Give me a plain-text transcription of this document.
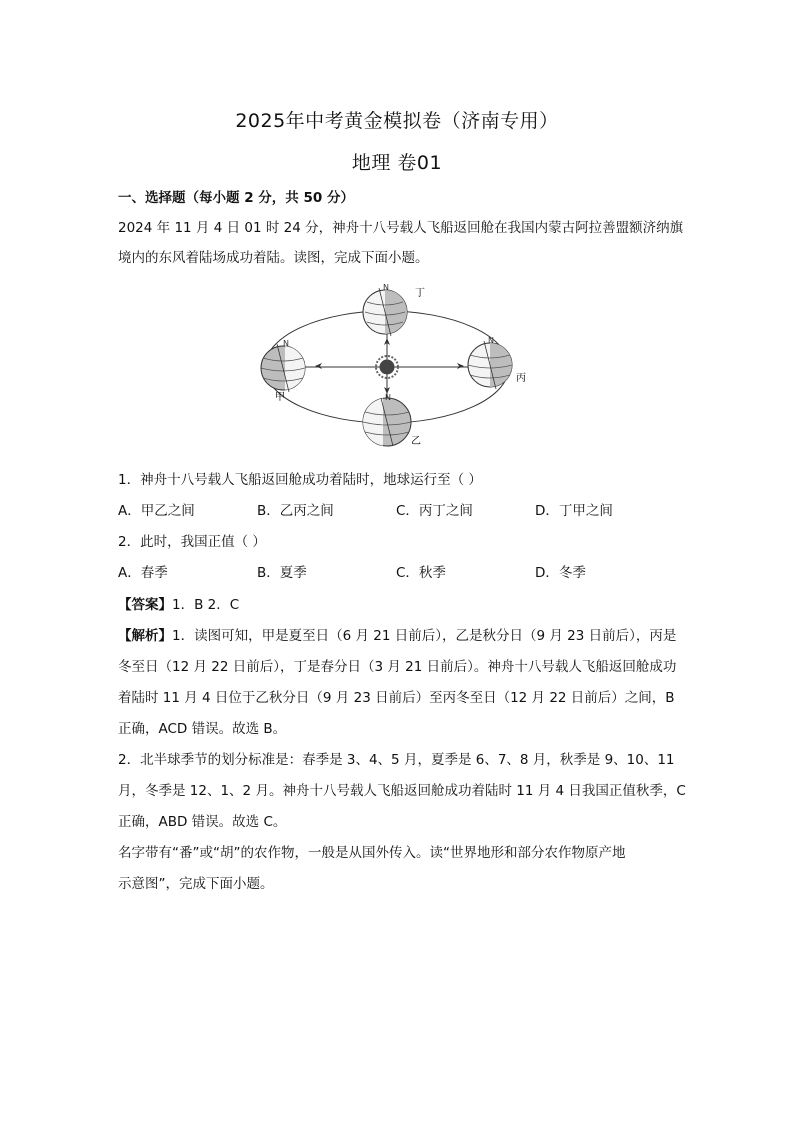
2025年中考黄金模拟卷（济南专用）
地理 卷01
一、选择题（每小题 2 分，共 50 分）
2024 年 11 月 4 日 01 时 24 分，神舟十八号载人飞船返回舱在我国内蒙古阿拉善盟额济纳旗
境内的东风着陆场成功着陆。读图，完成下面小题。
N
丁
N
甲
N
丙
N
乙
1．神舟十八号载人飞船返回舱成功着陆时，地球运行至（ ）
A．甲乙之间	B．乙丙之间	C．丙丁之间	D．丁甲之间
2．此时，我国正值（ ）
A．春季	B．夏季	C．秋季	D．冬季
【答案】1．B 2．C
【解析】1．读图可知，甲是夏至日（6 月 21 日前后），乙是秋分日（9 月 23 日前后），丙是
冬至日（12 月 22 日前后），丁是春分日（3 月 21 日前后）。神舟十八号载人飞船返回舱成功
着陆时 11 月 4 日位于乙秋分日（9 月 23 日前后）至丙冬至日（12 月 22 日前后）之间，B
正确，ACD 错误。故选 B。
2．北半球季节的划分标准是：春季是 3、4、5 月，夏季是 6、7、8 月，秋季是 9、10、11
月，冬季是 12、1、2 月。神舟十八号载人飞船返回舱成功着陆时 11 月 4 日我国正值秋季，C
正确，ABD 错误。故选 C。
名字带有“番”或“胡”的农作物，一般是从国外传入。读“世界地形和部分农作物原产地
示意图”，完成下面小题。
